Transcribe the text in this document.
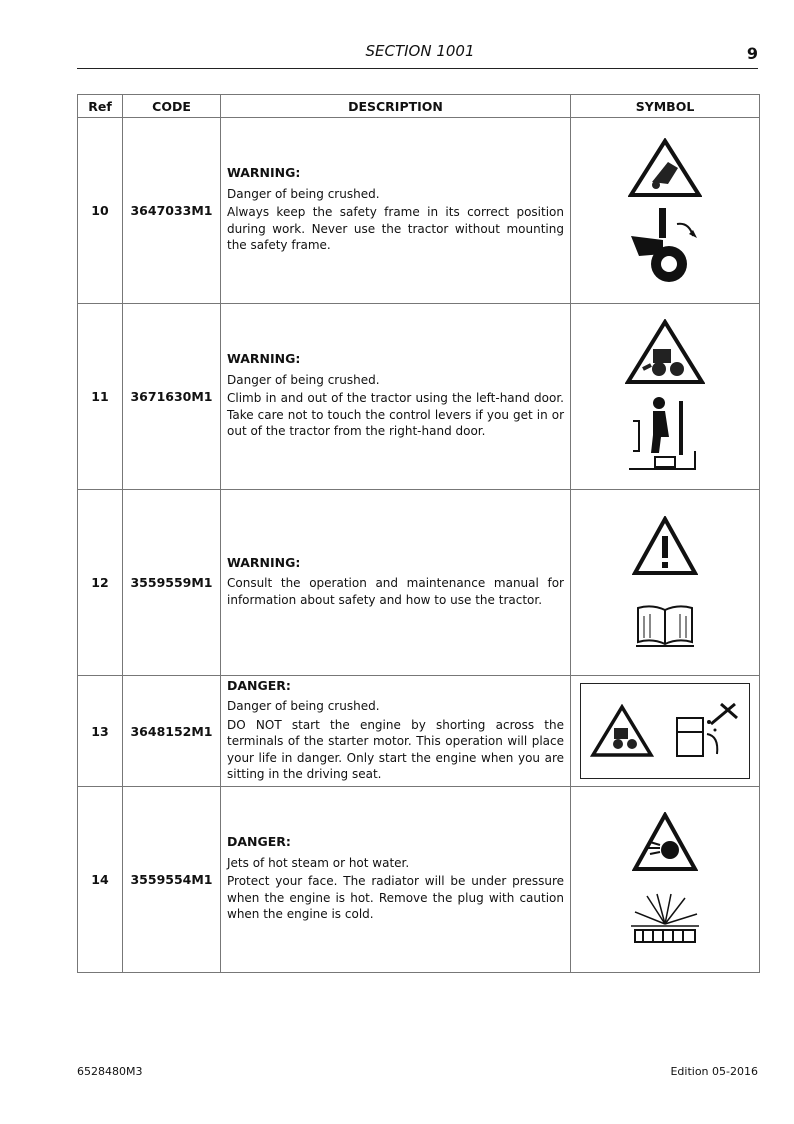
SECTION 1001	9
Ref	CODE	DESCRIPTION	SYMBOL
10	3647033M1	WARNING:

Danger of being crushed.

Always keep the safety frame in its correct position during work. Never use the tractor without mounting the safety frame.

11	3671630M1	WARNING:

Danger of being crushed.

Climb in and out of the tractor using the left-hand door. Take care not to touch the control levers if you get in or out of the tractor from the right-hand door.

12	3559559M1	WARNING:

Consult the operation and maintenance manual for information about safety and how to use the tractor.

13	3648152M1	DANGER:

Danger of being crushed.

DO NOT start the engine by shorting across the terminals of the starter motor. This operation will place your life in danger. Only start the engine when you are sitting in the driving seat.

14	3559554M1	DANGER:

Jets of hot steam or hot water.

Protect your face. The radiator will be under pressure when the engine is hot. Remove the plug with caution when the engine is cold.

6528480M3	Edition 05-2016
